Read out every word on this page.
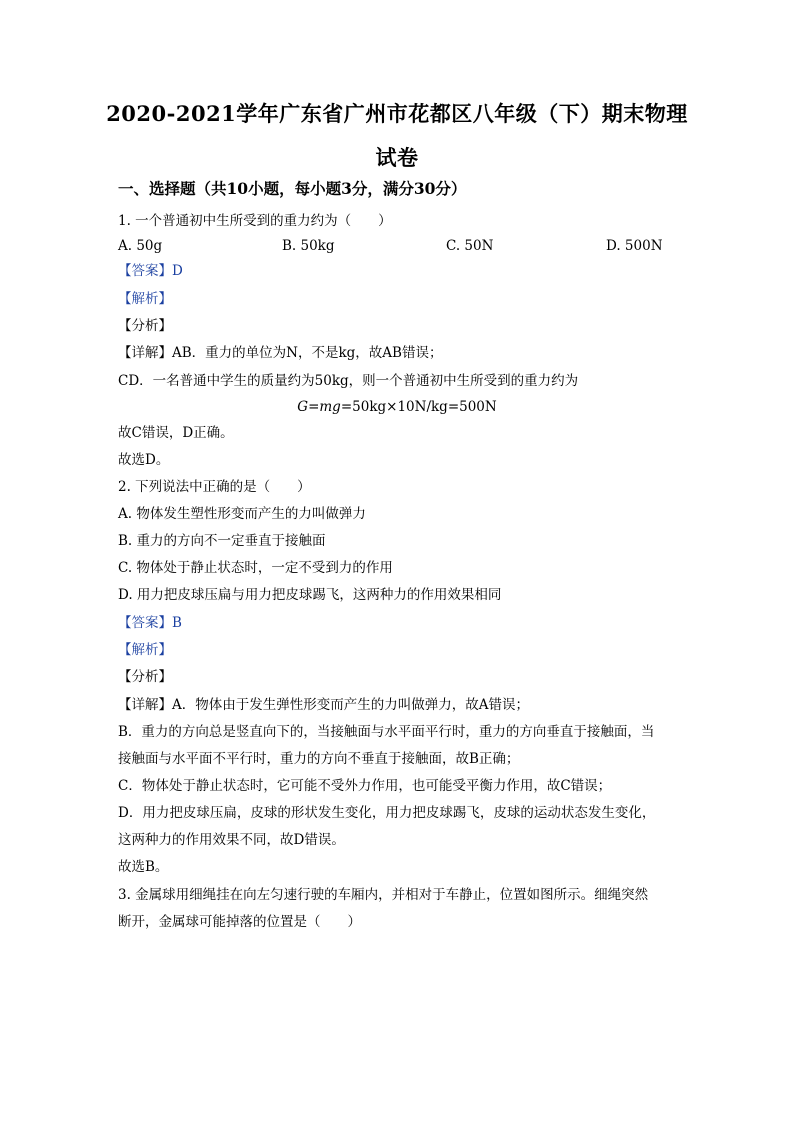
2020-2021学年广东省广州市花都区八年级（下）期末物理
试卷
一、选择题（共10小题，每小题3分，满分30分）
1. 一个普通初中生所受到的重力约为（　　）
A. 50g	B. 50kg	C. 50N	D. 500N
【答案】D
【解析】
【分析】
【详解】AB．重力的单位为N，不是kg，故AB错误；
CD．一名普通中学生的质量约为50kg，则一个普通初中生所受到的重力约为
G=mg=50kg×10N/kg=500N
故C错误，D正确。
故选D。
2. 下列说法中正确的是（　　）
A. 物体发生塑性形变而产生的力叫做弹力
B. 重力的方向不一定垂直于接触面
C. 物体处于静止状态时，一定不受到力的作用
D. 用力把皮球压扁与用力把皮球踢飞，这两种力的作用效果相同
【答案】B
【解析】
【分析】
【详解】A．物体由于发生弹性形变而产生的力叫做弹力，故A错误；
B．重力的方向总是竖直向下的，当接触面与水平面平行时，重力的方向垂直于接触面，当
接触面与水平面不平行时，重力的方向不垂直于接触面，故B正确；
C．物体处于静止状态时，它可能不受外力作用，也可能受平衡力作用，故C错误；
D．用力把皮球压扁，皮球的形状发生变化，用力把皮球踢飞，皮球的运动状态发生变化，
这两种力的作用效果不同，故D错误。
故选B。
3. 金属球用细绳挂在向左匀速行驶的车厢内，并相对于车静止，位置如图所示。细绳突然
断开，金属球可能掉落的位置是（　　）
